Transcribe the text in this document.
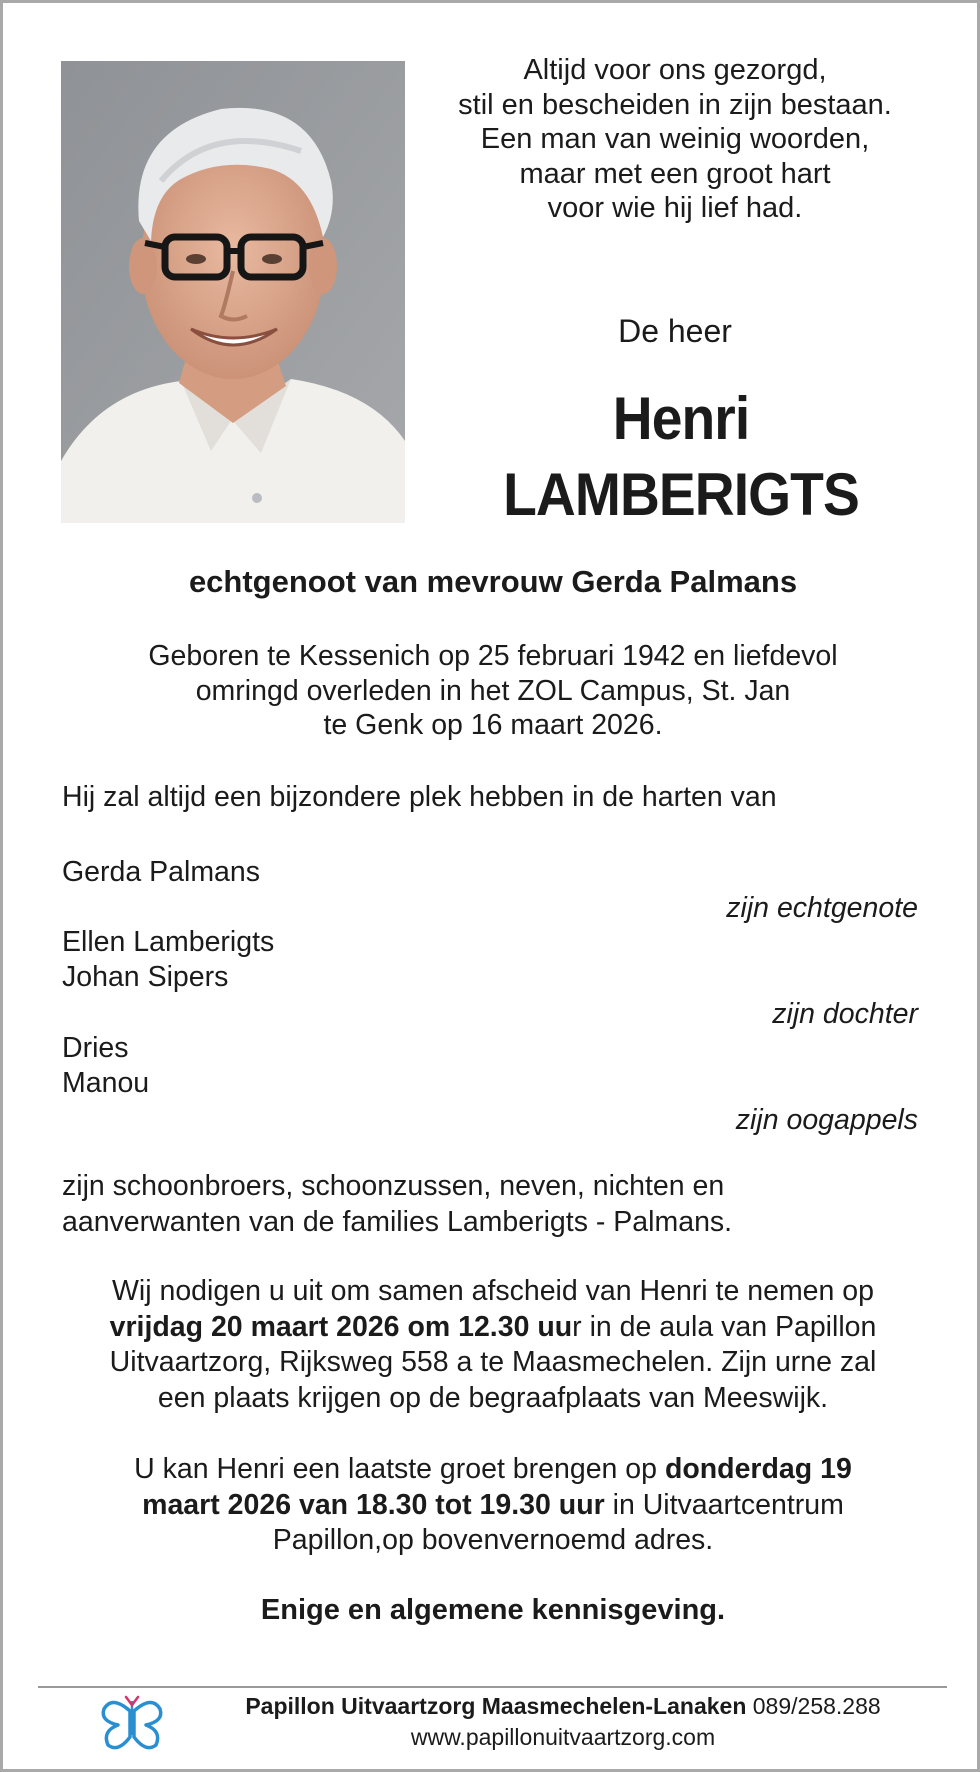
Altijd voor ons gezorgd,
stil en bescheiden in zijn bestaan.
Een man van weinig woorden,
maar met een groot hart
voor wie hij lief had.
De heer
Henri
LAMBERIGTS
echtgenoot van mevrouw Gerda Palmans
Geboren te Kessenich op 25 februari 1942 en liefdevol
omringd overleden in het ZOL Campus, St. Jan
te Genk op 16 maart 2026.
Hij zal altijd een bijzondere plek hebben in de harten van
Gerda Palmans
zijn echtgenote
Ellen Lamberigts
Johan Sipers
zijn dochter
Dries
Manou
zijn oogappels
zijn schoonbroers, schoonzussen, neven, nichten en
aanverwanten van de families Lamberigts - Palmans.
Wij nodigen u uit om samen afscheid van Henri te nemen op
vrijdag 20 maart 2026 om 12.30 uur in de aula van Papillon
Uitvaartzorg, Rijksweg 558 a te Maasmechelen. Zijn urne zal
een plaats krijgen op de begraafplaats van Meeswijk.
U kan Henri een laatste groet brengen op donderdag 19
maart 2026 van 18.30 tot 19.30 uur in Uitvaartcentrum
Papillon,op bovenvernoemd adres.
Enige en algemene kennisgeving.
Papillon Uitvaartzorg Maasmechelen-Lanaken 089/258.288
www.papillonuitvaartzorg.com
